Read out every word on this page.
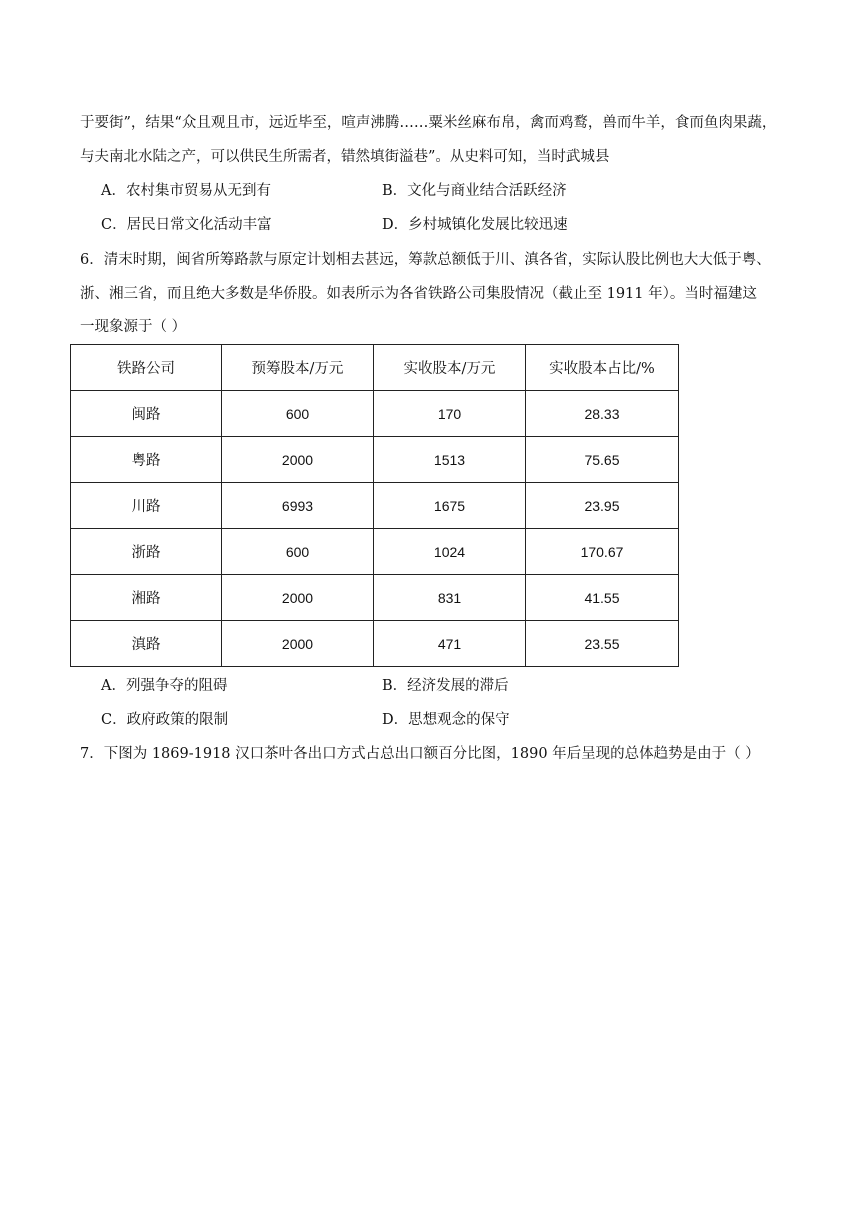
于要街”，结果“众且观且市，远近毕至，喧声沸腾……粟米丝麻布帛，禽而鸡鹜，兽而牛羊，食而鱼肉果蔬，
与夫南北水陆之产，可以供民生所需者，错然填街溢巷”。从史料可知，当时武城县
A．农村集市贸易从无到有	B．文化与商业结合活跃经济
C．居民日常文化活动丰富	D．乡村城镇化发展比较迅速
6．清末时期，闽省所筹路款与原定计划相去甚远，筹款总额低于川、滇各省，实际认股比例也大大低于粤、
浙、湘三省，而且绝大多数是华侨股。如表所示为各省铁路公司集股情况（截止至 1911 年）。当时福建这
一现象源于（ ）
铁路公司	预筹股本/万元	实收股本/万元	实收股本占比/%
闽路	600	170	28.33
粤路	2000	1513	75.65
川路	6993	1675	23.95
浙路	600	1024	170.67
湘路	2000	831	41.55
滇路	2000	471	23.55
A．列强争夺的阻碍	B．经济发展的滞后
C．政府政策的限制	D．思想观念的保守
7．下图为 1869-1918 汉口茶叶各出口方式占总出口额百分比图，1890 年后呈现的总体趋势是由于（ ）
